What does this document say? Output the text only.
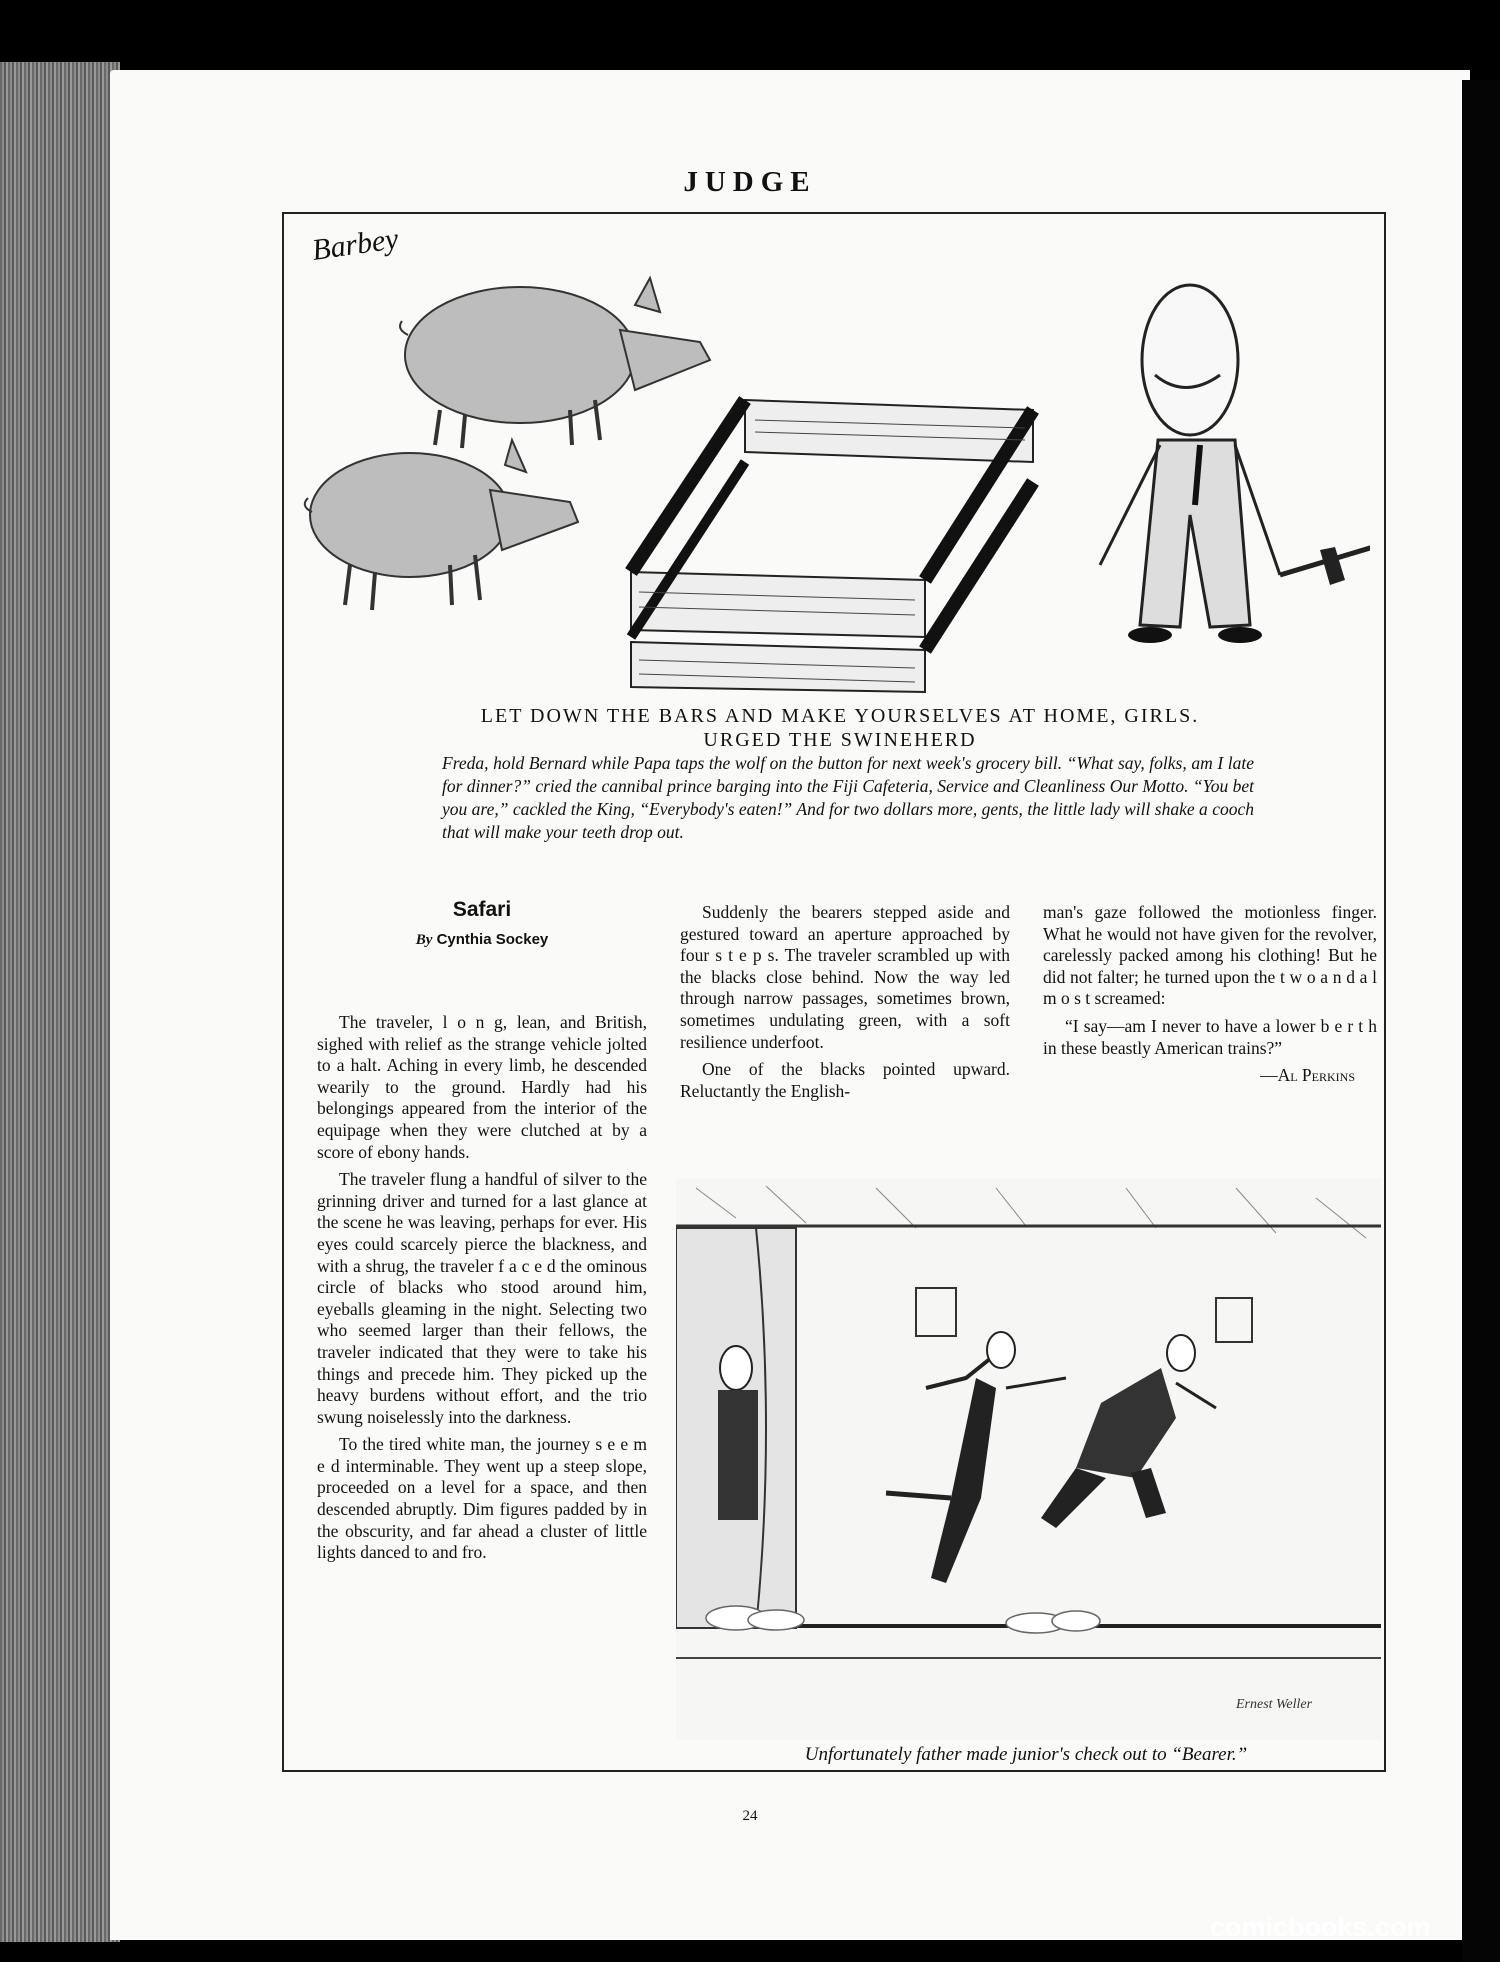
JUDGE
Barbey
LET DOWN THE BARS AND MAKE YOURSELVES AT HOME, GIRLS.
URGED THE SWINEHERD
Freda, hold Bernard while Papa taps the wolf on the button for next week's grocery bill. “What say, folks, am I late for dinner?” cried the cannibal prince barging into the Fiji Cafeteria, Service and Cleanliness Our Motto. “You bet you are,” cackled the King, “Everybody's eaten!” And for two dollars more, gents, the little lady will shake a cooch that will make your teeth drop out.
Safari
By Cynthia Sockey

The traveler, l o n g, lean, and British, sighed with relief as the strange vehicle jolted to a halt. Aching in every limb, he descended wearily to the ground. Hardly had his belongings appeared from the interior of the equipage when they were clutched at by a score of ebony hands.

The traveler flung a handful of silver to the grinning driver and turned for a last glance at the scene he was leaving, perhaps for ever. His eyes could scarcely pierce the blackness, and with a shrug, the traveler f a c e d the ominous circle of blacks who stood around him, eyeballs gleaming in the night. Selecting two who seemed larger than their fellows, the traveler indicated that they were to take his things and precede him. They picked up the heavy burdens without effort, and the trio swung noiselessly into the darkness.

To the tired white man, the journey s e e m e d interminable. They went up a steep slope, proceeded on a level for a space, and then descended abruptly. Dim figures padded by in the obscurity, and far ahead a cluster of little lights danced to and fro.

Suddenly the bearers stepped aside and gestured toward an aperture approached by four s t e p s. The traveler scrambled up with the blacks close behind. Now the way led through narrow passages, sometimes brown, sometimes undulating green, with a soft resilience underfoot.

One of the blacks pointed upward. Reluctantly the English-

man's gaze followed the motionless finger. What he would not have given for the revolver, carelessly packed among his clothing! But he did not falter; he turned upon the t w o a n d a l m o s t screamed:

“I say—am I never to have a lower b e r t h in these beastly American trains?”

—Al Perkins
Ernest Weller
Unfortunately father made junior's check out to “Bearer.”
24
comicbooks.com
